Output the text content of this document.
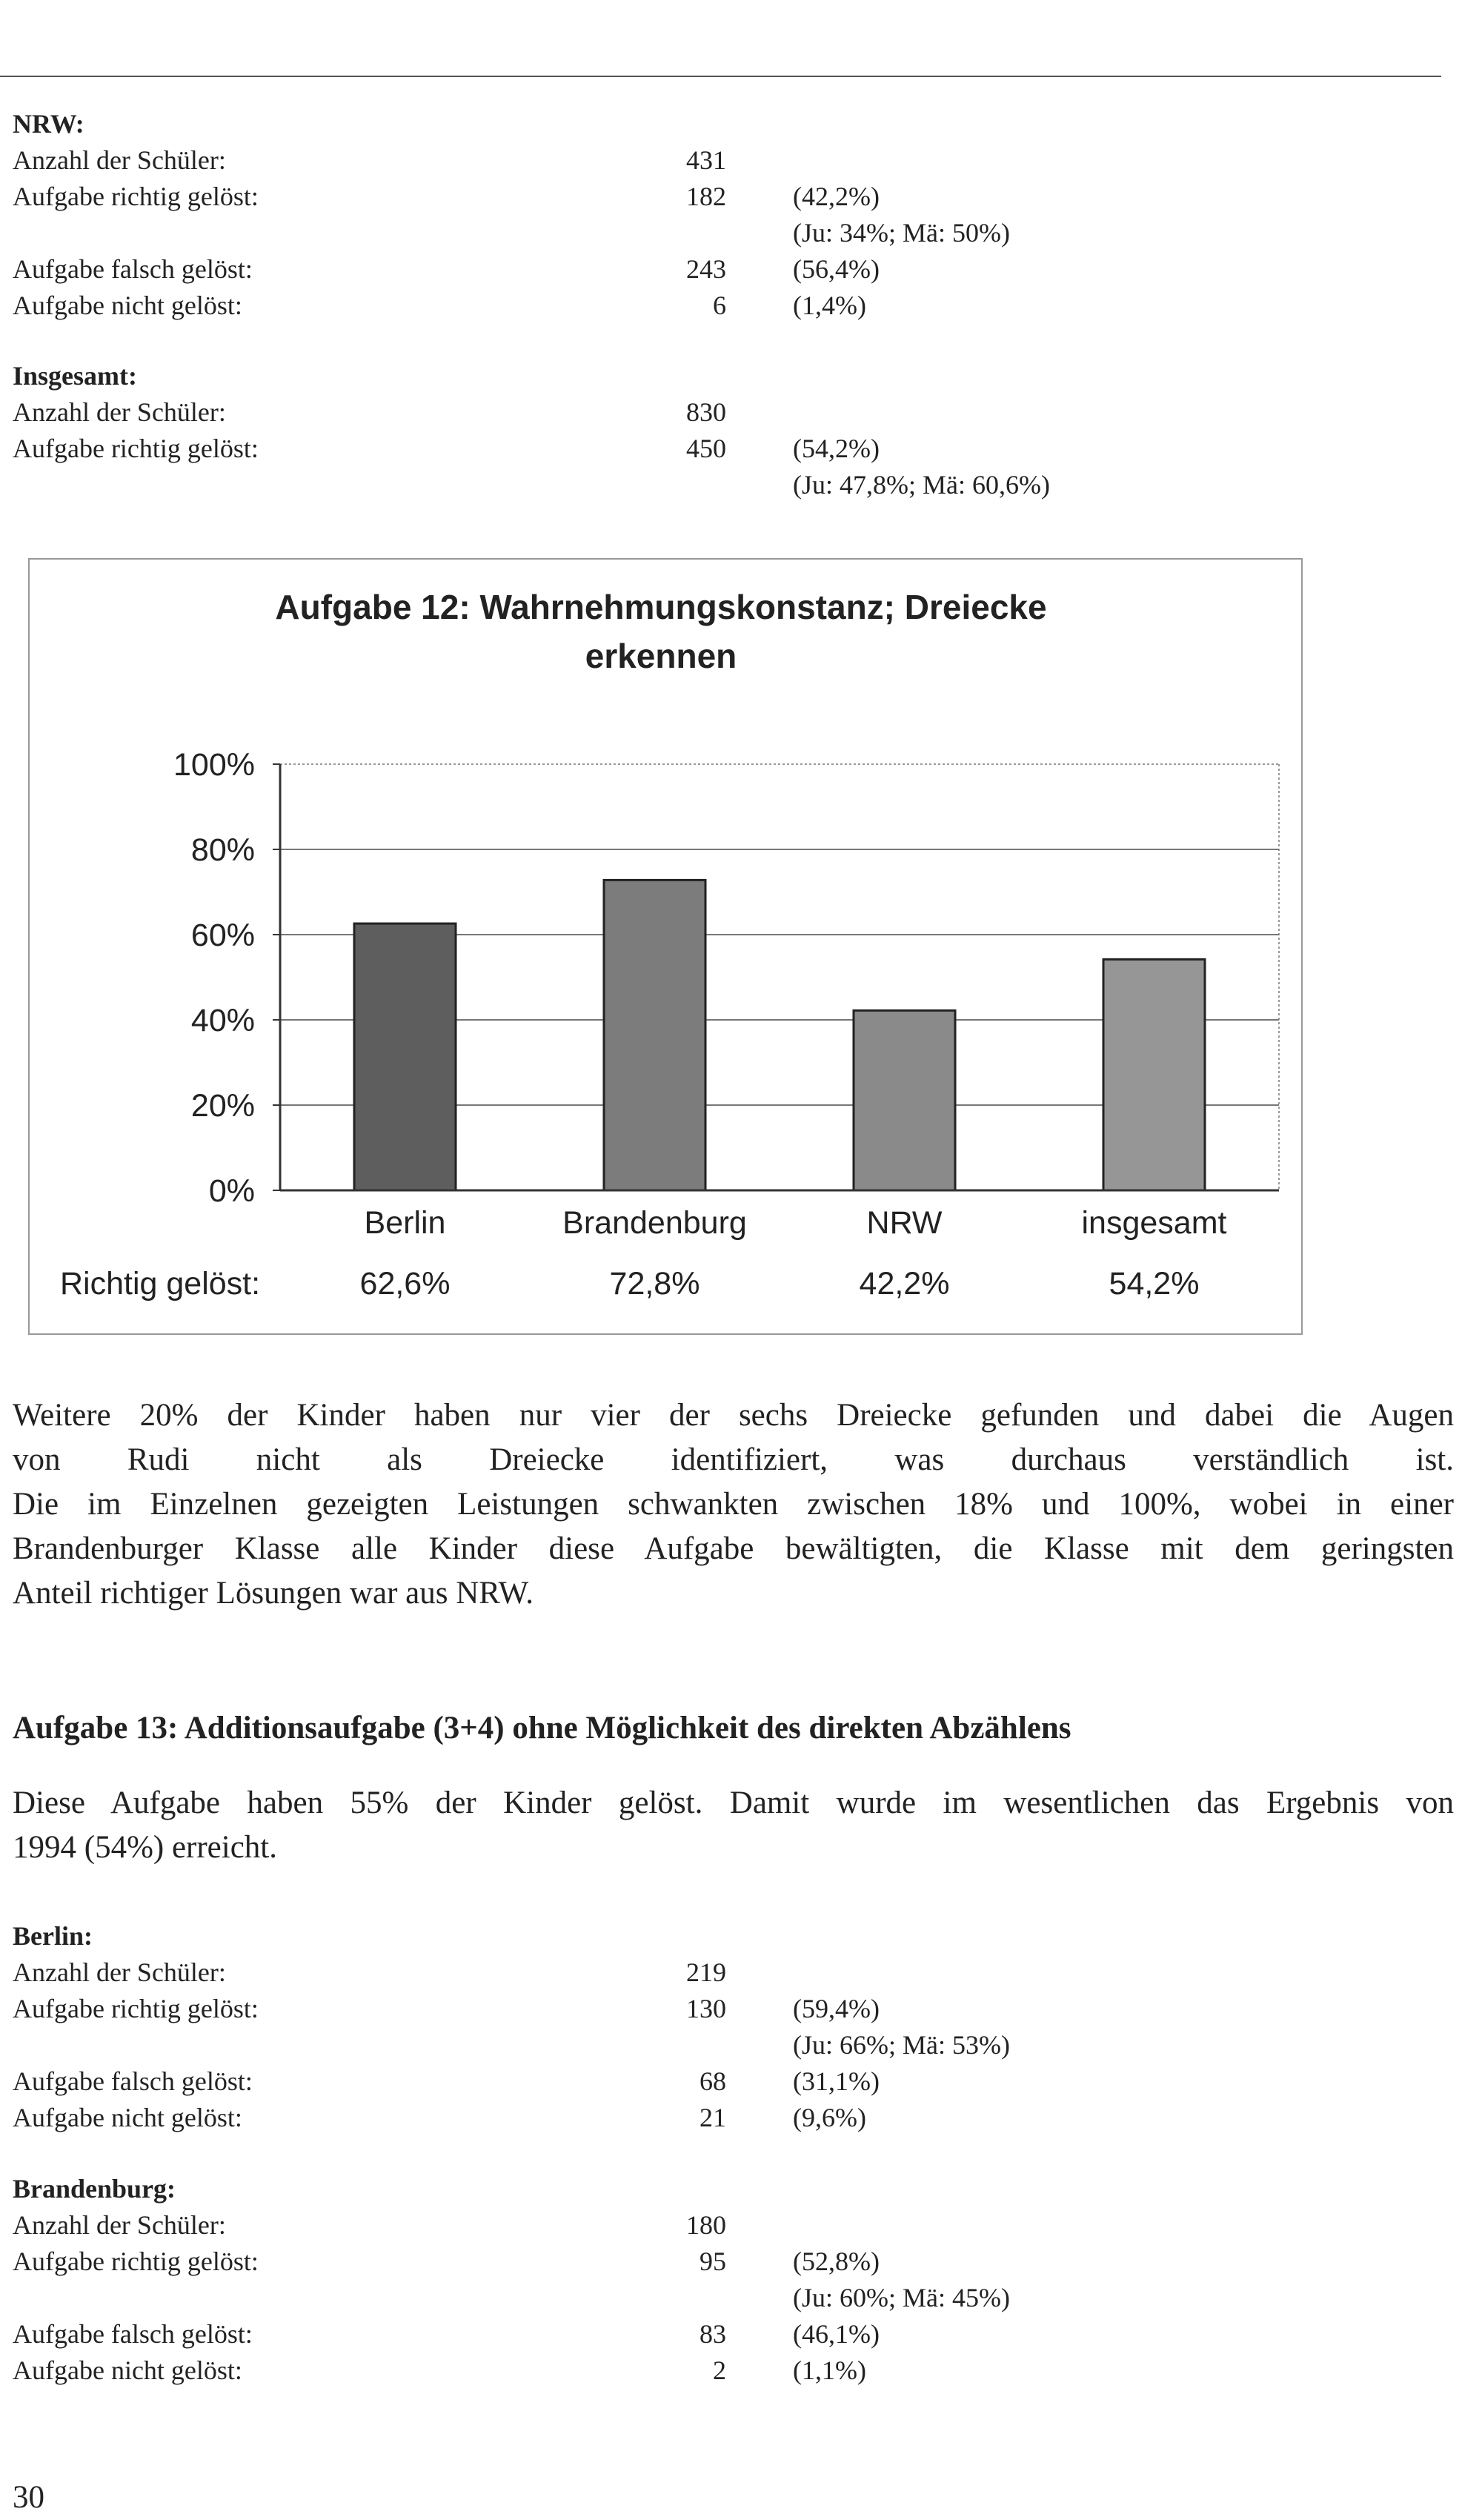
NRW:
Anzahl der Schüler:	431
Aufgabe richtig gelöst:	182	(42,2%)
(Ju: 34%; Mä: 50%)
Aufgabe falsch gelöst:	243	(56,4%)
Aufgabe nicht gelöst:	6	(1,4%)
Insgesamt:
Anzahl der Schüler:	830
Aufgabe richtig gelöst:	450	(54,2%)
(Ju: 47,8%; Mä: 60,6%)
Aufgabe 12: Wahrnehmungskonstanz; Dreiecke
erkennen
0%
20%
40%
60%
80%
100%
Berlin
62,6%
Brandenburg
72,8%
NRW
42,2%
insgesamt
54,2%
Richtig gelöst:
Weitere 20% der Kinder haben nur vier der sechs Dreiecke gefunden und dabei die Augen
von Rudi nicht als Dreiecke identifiziert, was durchaus verständlich ist.
Die im Einzelnen gezeigten Leistungen schwankten zwischen 18% und 100%, wobei in einer
Brandenburger Klasse alle Kinder diese Aufgabe bewältigten, die Klasse mit dem geringsten
Anteil richtiger Lösungen war aus NRW.
Aufgabe 13: Additionsaufgabe (3+4) ohne Möglichkeit des direkten Abzählens
Diese Aufgabe haben 55% der Kinder gelöst. Damit wurde im wesentlichen das Ergebnis von
1994 (54%) erreicht.
Berlin:
Anzahl der Schüler:	219
Aufgabe richtig gelöst:	130	(59,4%)
(Ju: 66%; Mä: 53%)
Aufgabe falsch gelöst:	68	(31,1%)
Aufgabe nicht gelöst:	21	(9,6%)
Brandenburg:
Anzahl der Schüler:	180
Aufgabe richtig gelöst:	95	(52,8%)
(Ju: 60%; Mä: 45%)
Aufgabe falsch gelöst:	83	(46,1%)
Aufgabe nicht gelöst:	2	(1,1%)
30
